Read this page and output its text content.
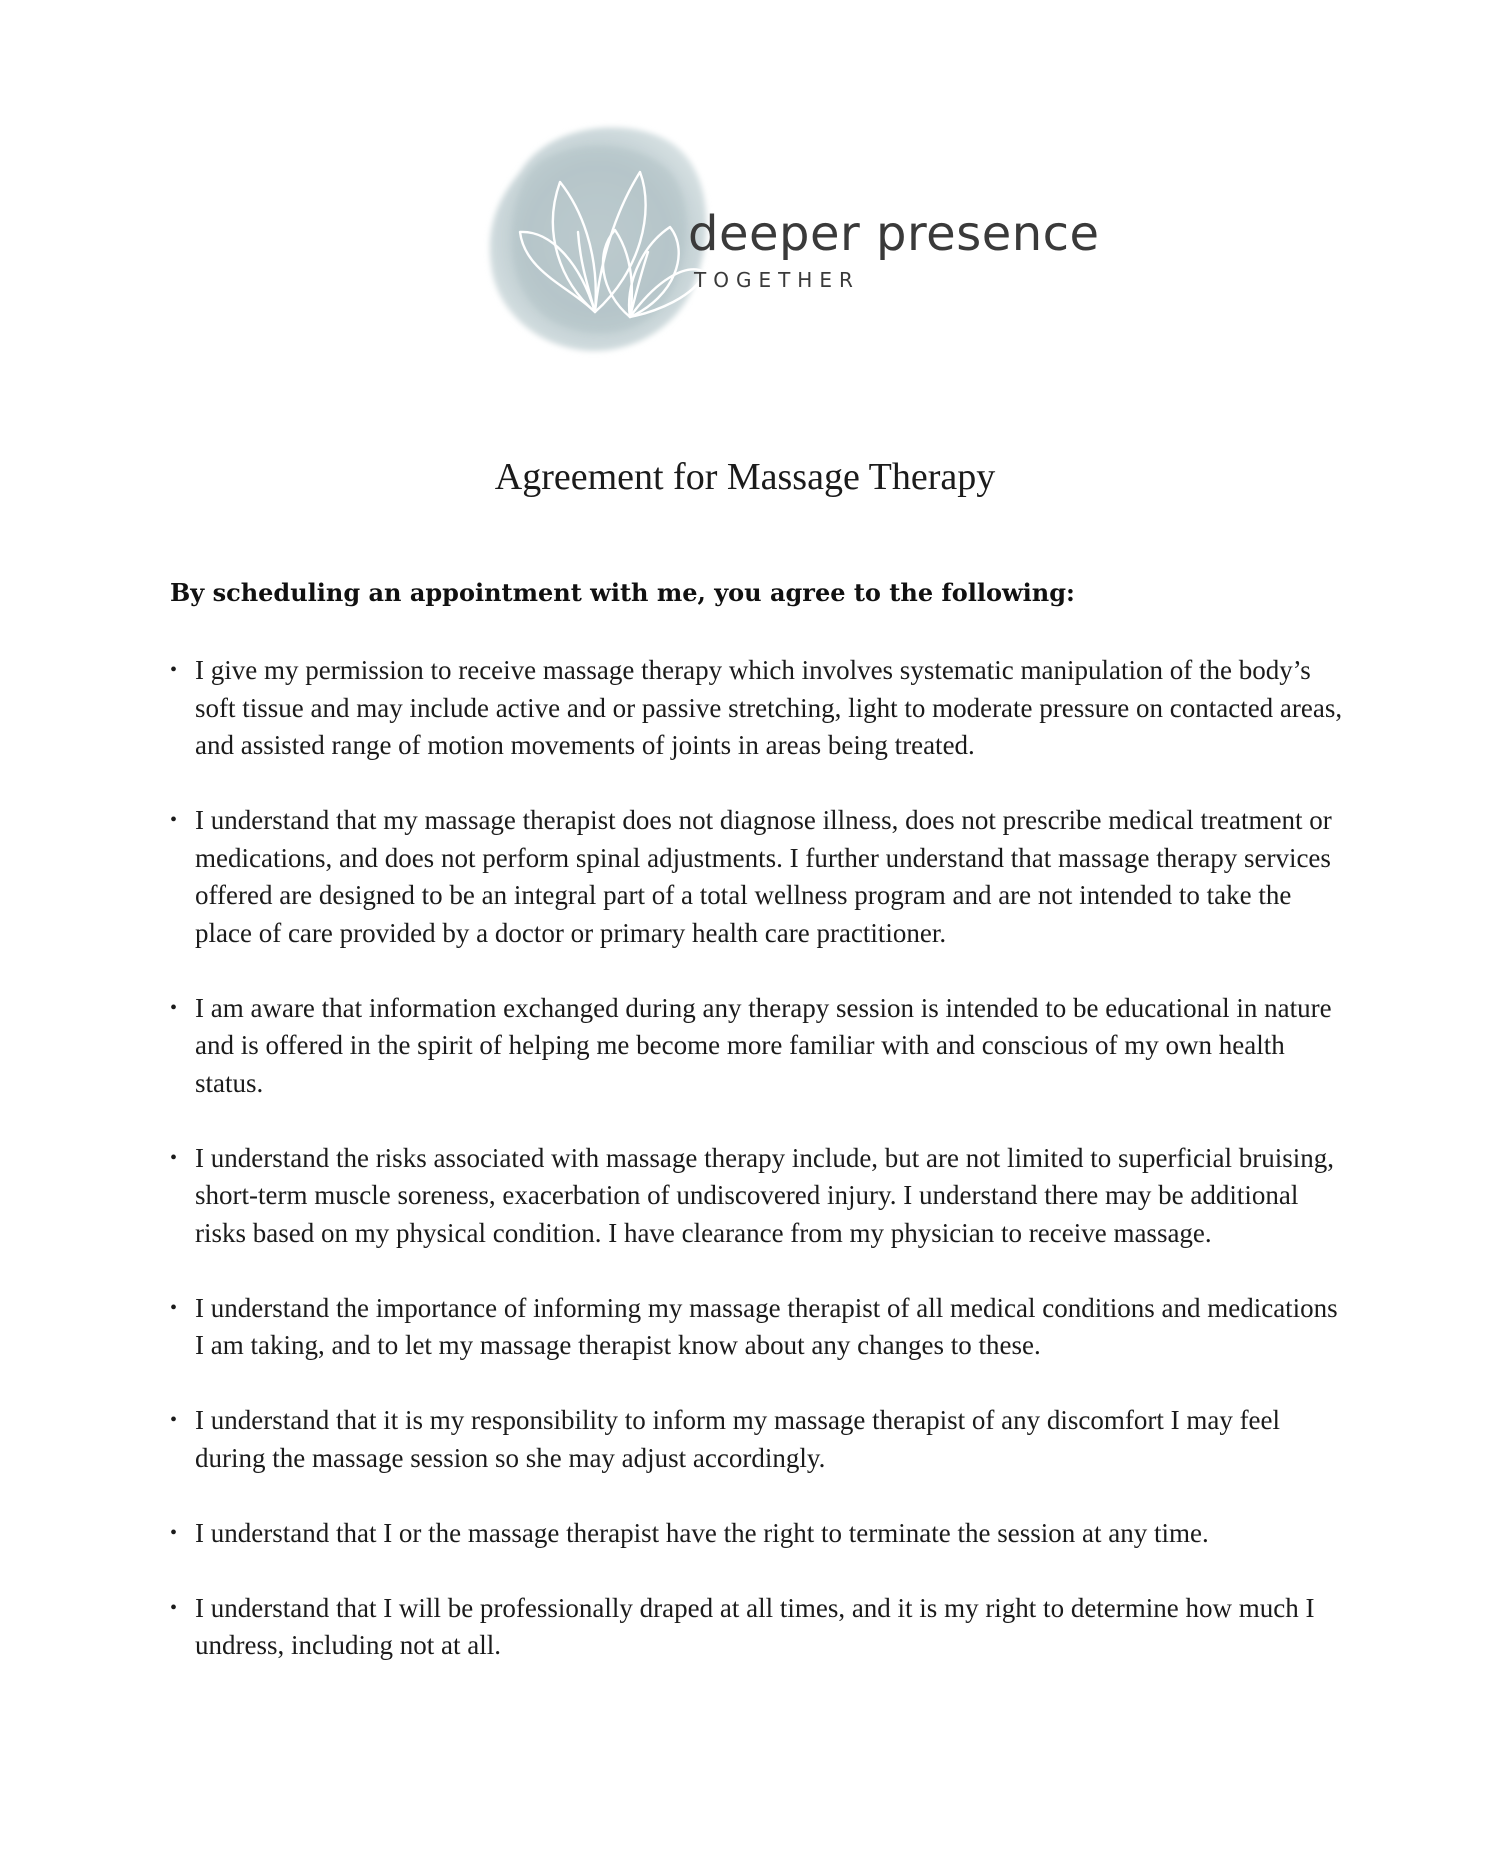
deeper presence
TOGETHER
Agreement for Massage Therapy
By scheduling an appointment with me, you agree to the following:
• I give my permission to receive massage therapy which involves systematic manipulation of the body’s soft tissue and may include active and or passive stretching, light to moderate pressure on contacted areas, and assisted range of motion movements of joints in areas being treated.
• I understand that my massage therapist does not diagnose illness, does not prescribe medical treatment or medications, and does not perform spinal adjustments. I further understand that massage therapy services offered are designed to be an integral part of a total wellness program and are not intended to take the place of care provided by a doctor or primary health care practitioner.
• I am aware that information exchanged during any therapy session is intended to be educational in nature and is offered in the spirit of helping me become more familiar with and conscious of my own health status.
• I understand the risks associated with massage therapy include, but are not limited to superficial bruising, short-term muscle soreness, exacerbation of undiscovered injury. I understand there may be additional risks based on my physical condition. I have clearance from my physician to receive massage.
• I understand the importance of informing my massage therapist of all medical conditions and medications I am taking, and to let my massage therapist know about any changes to these.
• I understand that it is my responsibility to inform my massage therapist of any discomfort I may feel during the massage session so she may adjust accordingly.
• I understand that I or the massage therapist have the right to terminate the session at any time.
• I understand that I will be professionally draped at all times, and it is my right to determine how much I undress, including not at all.
